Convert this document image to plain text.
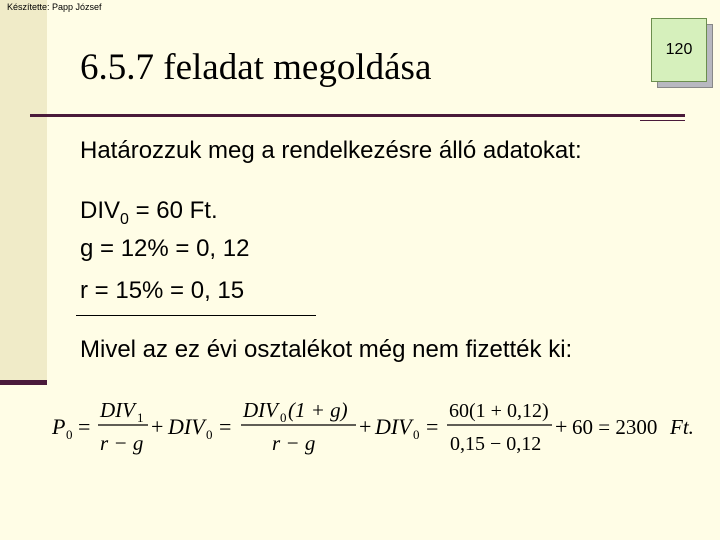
Készítette: Papp József
6.5.7 feladat megoldása	120
Határozzuk meg a rendelkezésre álló adatokat:
$DIV_0 = 60$ Ft.
g = 12% = 0, 12
r = 15% = 0, 15
Mivel az ez évi osztalékot még nem fizették ki:
P 0 =
DIV 1
r − g
+ DIV 0 =
DIV 0 (1 + g)
r − g
+ DIV 0 =
60(1 + 0,12)
0,15 − 0,12
+ 60 = 2300 Ft.
